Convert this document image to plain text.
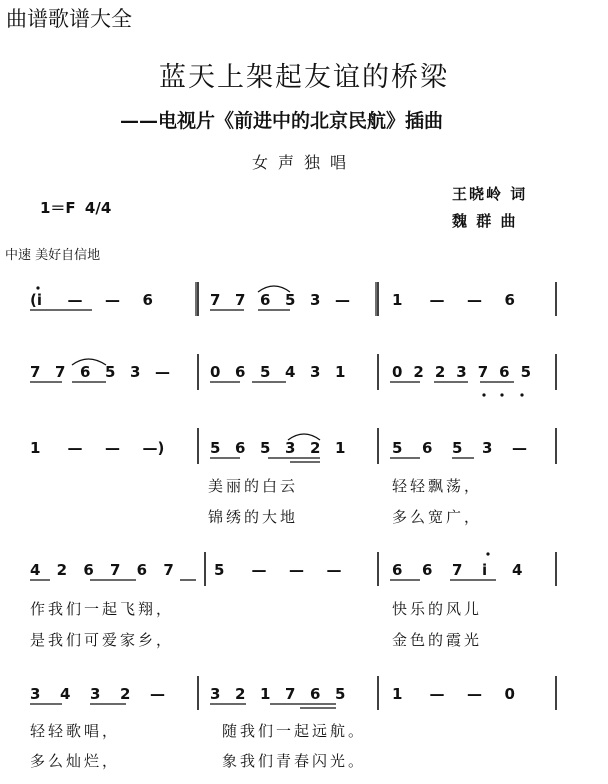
曲谱歌谱大全
蓝天上架起友谊的桥梁
——电视片《前进中的北京民航》插曲
女声独唱
王晓岭 词
魏 群 曲
1＝F 4/4
中速 美好自信地
(i — — 6	7 7 6 5 3 —	1 — — 6
7 7 6 5 3 —	0 6 5 4 3 1	0 2 2 3 7 6 5
1 — — —)	5 6 5 3 2 1	5 6 5 3 —
4 2 6 7 6 7	5 — — —	6 6 7 i 4
3 4 3 2 —	3 2 1 7 6 5	1 — — 0
美丽的白云	轻轻飘荡，
锦绣的大地	多么宽广，
作我们一起飞翔，	快乐的风儿
是我们可爱家乡，	金色的霞光
轻轻歌唱，	随我们一起远航。
多么灿烂，	象我们青春闪光。
